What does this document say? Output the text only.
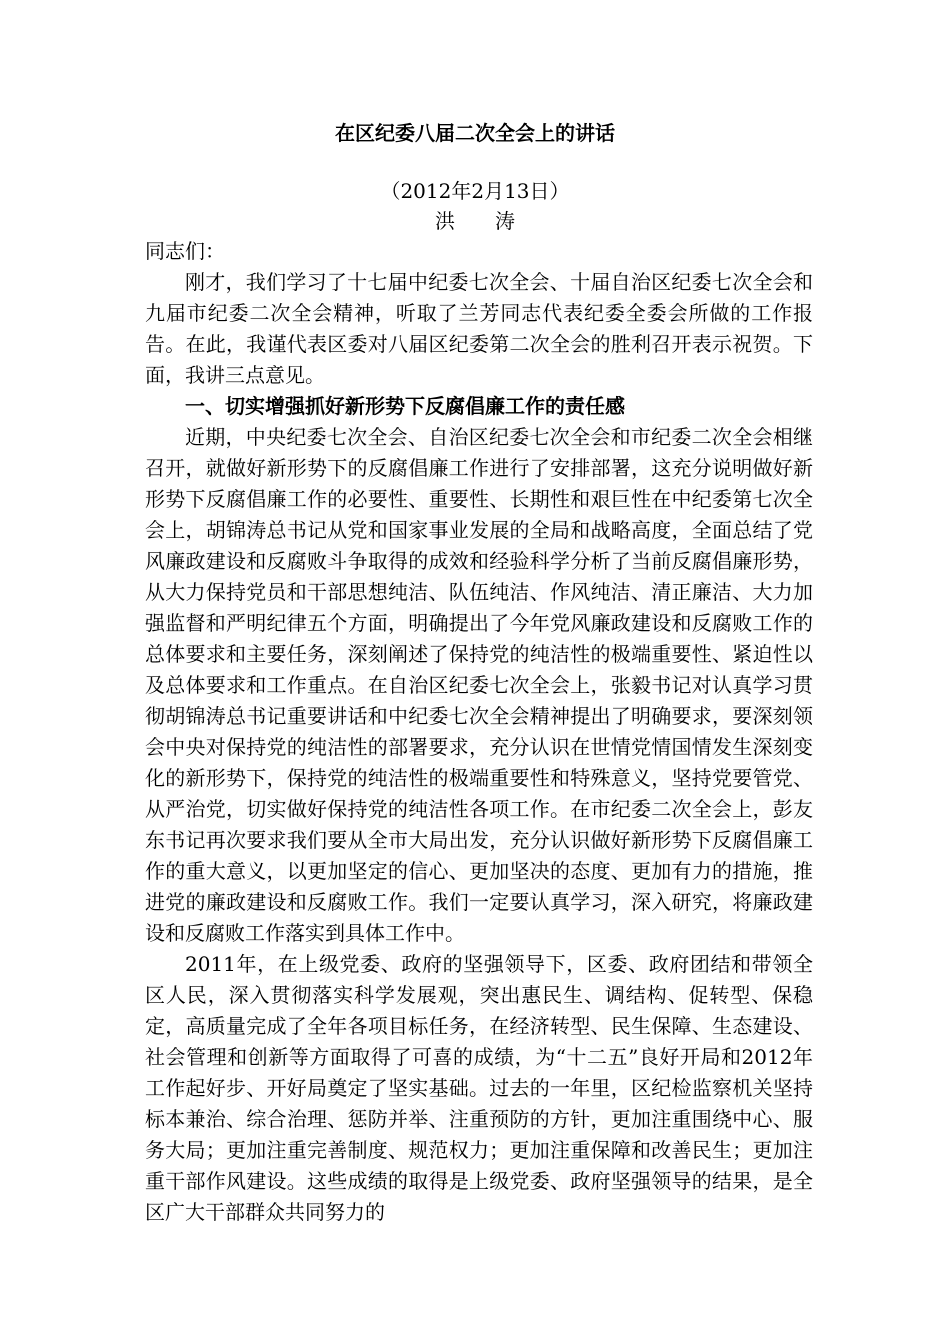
在区纪委八届二次全会上的讲话
（2012年2月13日）
洪 涛

同志们：

刚才，我们学习了十七届中纪委七次全会、十届自治区纪委七次全会和九届市纪委二次全会精神，听取了兰芳同志代表纪委全委会所做的工作报告。在此，我谨代表区委对八届区纪委第二次全会的胜利召开表示祝贺。下面，我讲三点意见。

一、切实增强抓好新形势下反腐倡廉工作的责任感

近期，中央纪委七次全会、自治区纪委七次全会和市纪委二次全会相继召开，就做好新形势下的反腐倡廉工作进行了安排部署，这充分说明做好新形势下反腐倡廉工作的必要性、重要性、长期性和艰巨性在中纪委第七次全会上，胡锦涛总书记从党和国家事业发展的全局和战略高度，全面总结了党风廉政建设和反腐败斗争取得的成效和经验科学分析了当前反腐倡廉形势，从大力保持党员和干部思想纯洁、队伍纯洁、作风纯洁、清正廉洁、大力加强监督和严明纪律五个方面，明确提出了今年党风廉政建设和反腐败工作的总体要求和主要任务，深刻阐述了保持党的纯洁性的极端重要性、紧迫性以及总体要求和工作重点。在自治区纪委七次全会上，张毅书记对认真学习贯彻胡锦涛总书记重要讲话和中纪委七次全会精神提出了明确要求，要深刻领会中央对保持党的纯洁性的部署要求，充分认识在世情党情国情发生深刻变化的新形势下，保持党的纯洁性的极端重要性和特殊意义，坚持党要管党、从严治党，切实做好保持党的纯洁性各项工作。在市纪委二次全会上，彭友东书记再次要求我们要从全市大局出发，充分认识做好新形势下反腐倡廉工作的重大意义，以更加坚定的信心、更加坚决的态度、更加有力的措施，推进党的廉政建设和反腐败工作。我们一定要认真学习，深入研究，将廉政建设和反腐败工作落实到具体工作中。

2011年，在上级党委、政府的坚强领导下，区委、政府团结和带领全区人民，深入贯彻落实科学发展观，突出惠民生、调结构、促转型、保稳定，高质量完成了全年各项目标任务，在经济转型、民生保障、生态建设、社会管理和创新等方面取得了可喜的成绩，为“十二五”良好开局和2012年工作起好步、开好局奠定了坚实基础。过去的一年里，区纪检监察机关坚持标本兼治、综合治理、惩防并举、注重预防的方针，更加注重围绕中心、服务大局；更加注重完善制度、规范权力；更加注重保障和改善民生；更加注重干部作风建设。这些成绩的取得是上级党委、政府坚强领导的结果，是全区广大干部群众共同努力的
